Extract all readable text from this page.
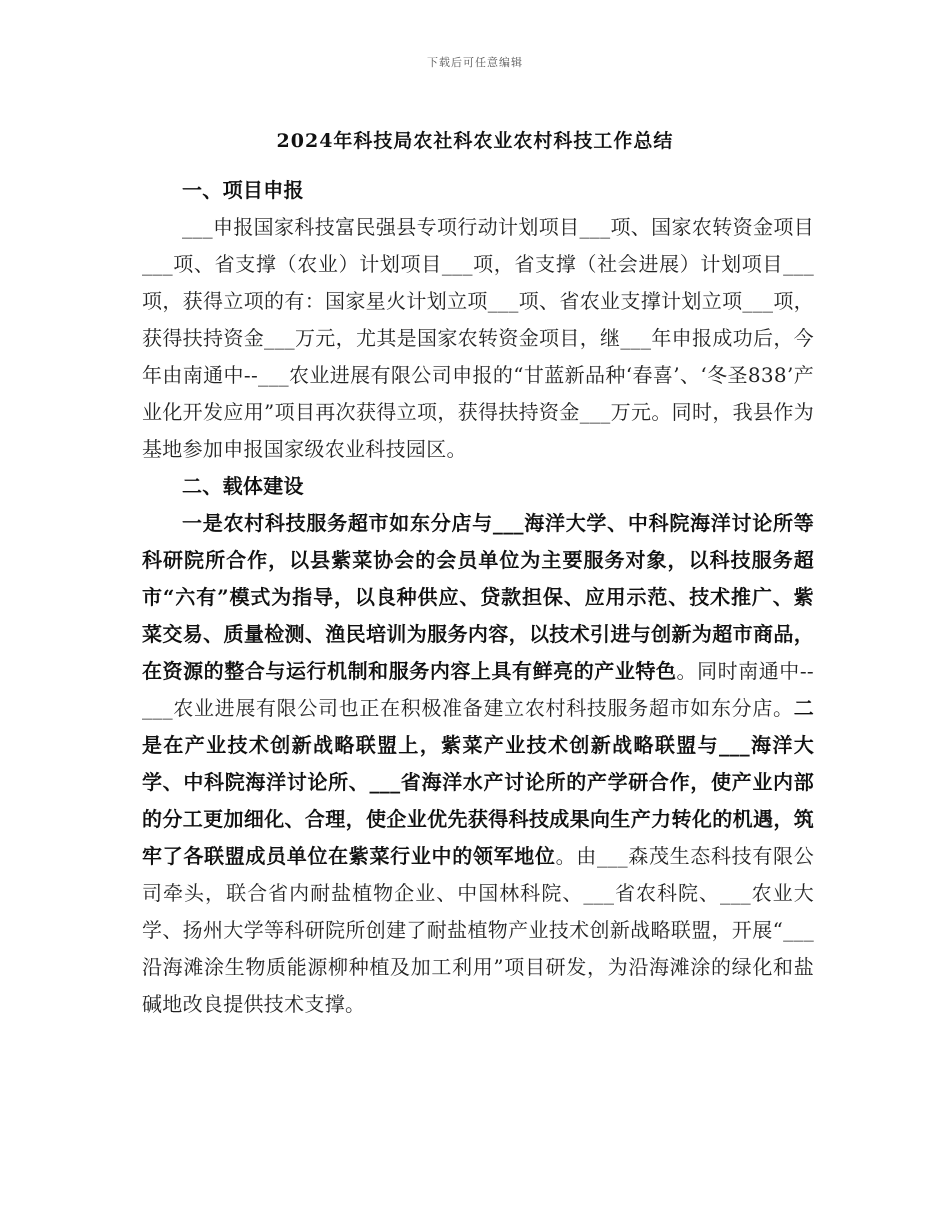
下载后可任意编辑
2024年科技局农社科农业农村科技工作总结

一、项目申报

___申报国家科技富民强县专项行动计划项目___项、国家农转资金项目___项、省支撑（农业）计划项目___项，省支撑（社会进展）计划项目___项，获得立项的有：国家星火计划立项___项、省农业支撑计划立项___项，获得扶持资金___万元，尤其是国家农转资金项目，继___年申报成功后，今年由南通中--___农业进展有限公司申报的“甘蓝新品种‘春喜’、‘冬圣838’产业化开发应用”项目再次获得立项，获得扶持资金___万元。同时，我县作为基地参加申报国家级农业科技园区。

二、载体建设

一是农村科技服务超市如东分店与___海洋大学、中科院海洋讨论所等科研院所合作，以县紫菜协会的会员单位为主要服务对象，以科技服务超市“六有”模式为指导，以良种供应、贷款担保、应用示范、技术推广、紫菜交易、质量检测、渔民培训为服务内容，以技术引进与创新为超市商品，在资源的整合与运行机制和服务内容上具有鲜亮的产业特色。同时南通中--___农业进展有限公司也正在积极准备建立农村科技服务超市如东分店。二是在产业技术创新战略联盟上，紫菜产业技术创新战略联盟与___海洋大学、中科院海洋讨论所、___省海洋水产讨论所的产学研合作，使产业内部的分工更加细化、合理，使企业优先获得科技成果向生产力转化的机遇，筑牢了各联盟成员单位在紫菜行业中的领军地位。由___森茂生态科技有限公司牵头，联合省内耐盐植物企业、中国林科院、___省农科院、___农业大学、扬州大学等科研院所创建了耐盐植物产业技术创新战略联盟，开展“___沿海滩涂生物质能源柳种植及加工利用”项目研发，为沿海滩涂的绿化和盐碱地改良提供技术支撑。
